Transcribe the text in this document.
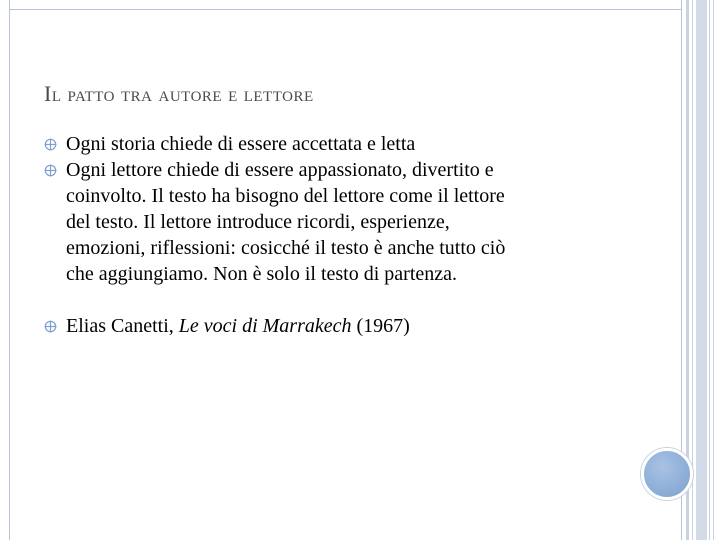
Il patto tra autore e lettore
Ogni storia chiede di essere accettata e letta
Ogni lettore chiede di essere appassionato, divertito e
coinvolto. Il testo ha bisogno del lettore come il lettore
del testo. Il lettore introduce ricordi, esperienze,
emozioni, riflessioni: cosicché il testo è anche tutto ciò
che aggiungiamo. Non è solo il testo di partenza.
Elias Canetti, Le voci di Marrakech (1967)
